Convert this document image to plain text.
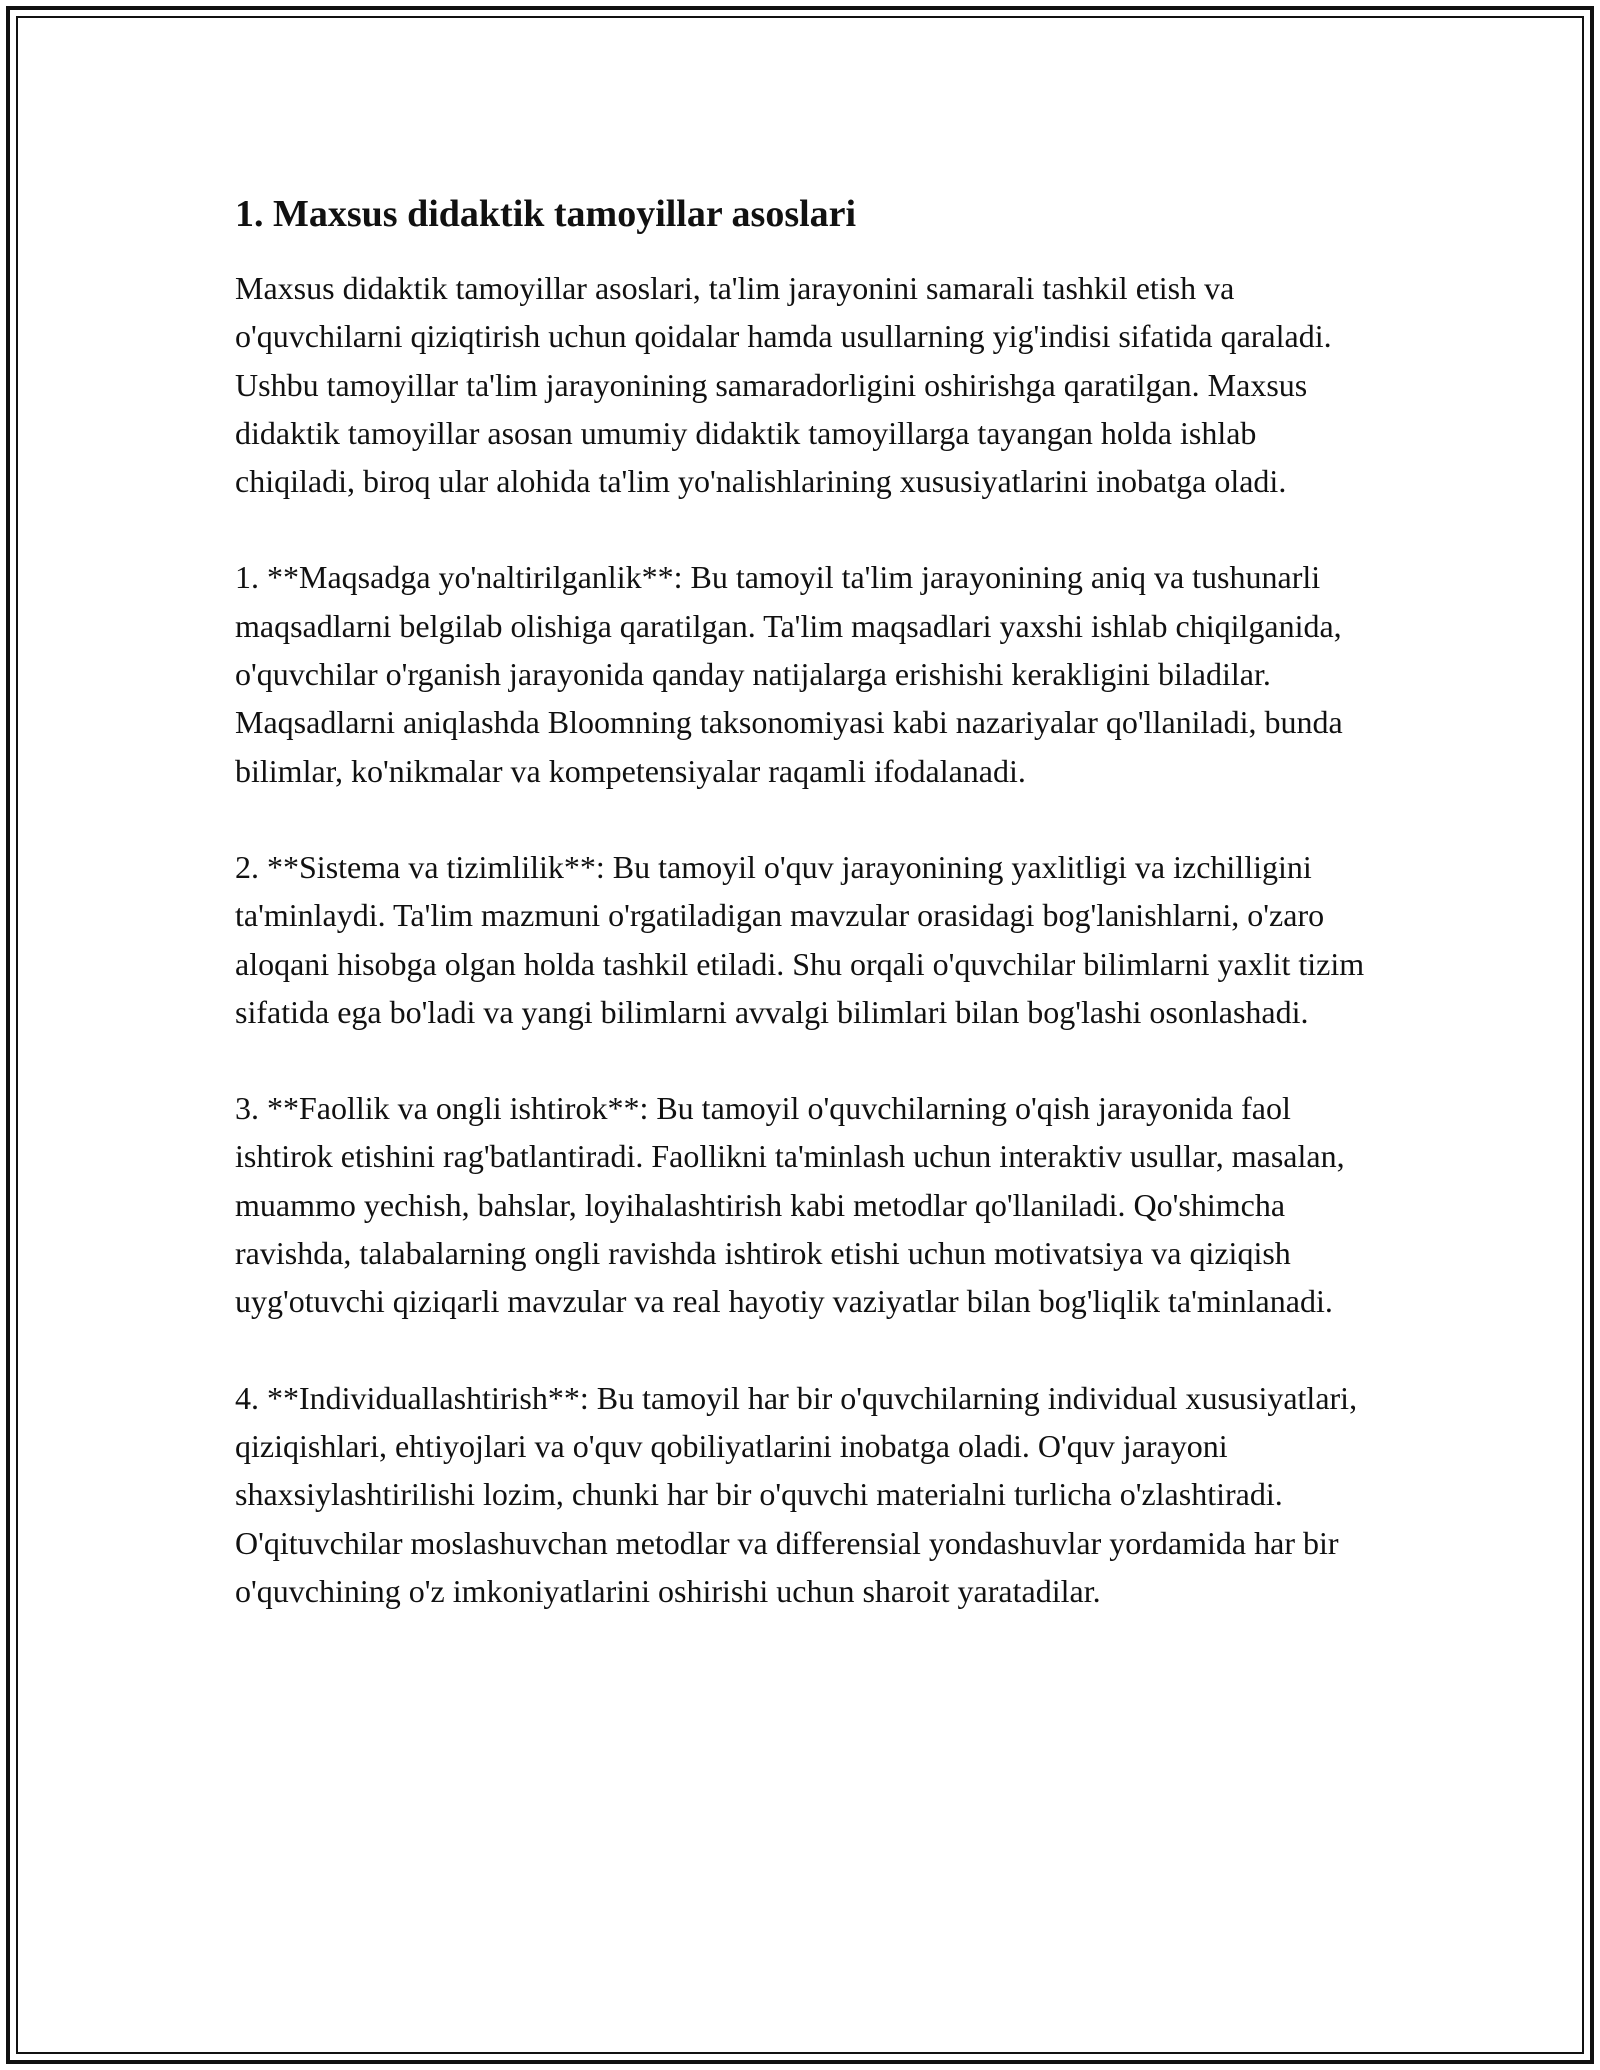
1. Maxsus didaktik tamoyillar asoslari

Maxsus didaktik tamoyillar asoslari, ta'lim jarayonini samarali tashkil etish va o'quvchilarni qiziqtirish uchun qoidalar hamda usullarning yig'indisi sifatida qaraladi. Ushbu tamoyillar ta'lim jarayonining samaradorligini oshirishga qaratilgan. Maxsus didaktik tamoyillar asosan umumiy didaktik tamoyillarga tayangan holda ishlab chiqiladi, biroq ular alohida ta'lim yo'nalishlarining xususiyatlarini inobatga oladi.

1. **Maqsadga yo'naltirilganlik**: Bu tamoyil ta'lim jarayonining aniq va tushunarli maqsadlarni belgilab olishiga qaratilgan. Ta'lim maqsadlari yaxshi ishlab chiqilganida, o'quvchilar o'rganish jarayonida qanday natijalarga erishishi kerakligini biladilar. Maqsadlarni aniqlashda Bloomning taksonomiyasi kabi nazariyalar qo'llaniladi, bunda bilimlar, ko'nikmalar va kompetensiyalar raqamli ifodalanadi.

2. **Sistema va tizimlilik**: Bu tamoyil o'quv jarayonining yaxlitligi va izchilligini ta'minlaydi. Ta'lim mazmuni o'rgatiladigan mavzular orasidagi bog'lanishlarni, o'zaro aloqani hisobga olgan holda tashkil etiladi. Shu orqali o'quvchilar bilimlarni yaxlit tizim sifatida ega bo'ladi va yangi bilimlarni avvalgi bilimlari bilan bog'lashi osonlashadi.

3. **Faollik va ongli ishtirok**: Bu tamoyil o'quvchilarning o'qish jarayonida faol ishtirok etishini rag'batlantiradi. Faollikni ta'minlash uchun interaktiv usullar, masalan, muammo yechish, bahslar, loyihalashtirish kabi metodlar qo'llaniladi. Qo'shimcha ravishda, talabalarning ongli ravishda ishtirok etishi uchun motivatsiya va qiziqish uyg'otuvchi qiziqarli mavzular va real hayotiy vaziyatlar bilan bog'liqlik ta'minlanadi.

4. **Individuallashtirish**: Bu tamoyil har bir o'quvchilarning individual xususiyatlari, qiziqishlari, ehtiyojlari va o'quv qobiliyatlarini inobatga oladi. O'quv jarayoni shaxsiylashtirilishi lozim, chunki har bir o'quvchi materialni turlicha o'zlashtiradi. O'qituvchilar moslashuvchan metodlar va differensial yondashuvlar yordamida har bir o'quvchining o'z imkoniyatlarini oshirishi uchun sharoit yaratadilar.
